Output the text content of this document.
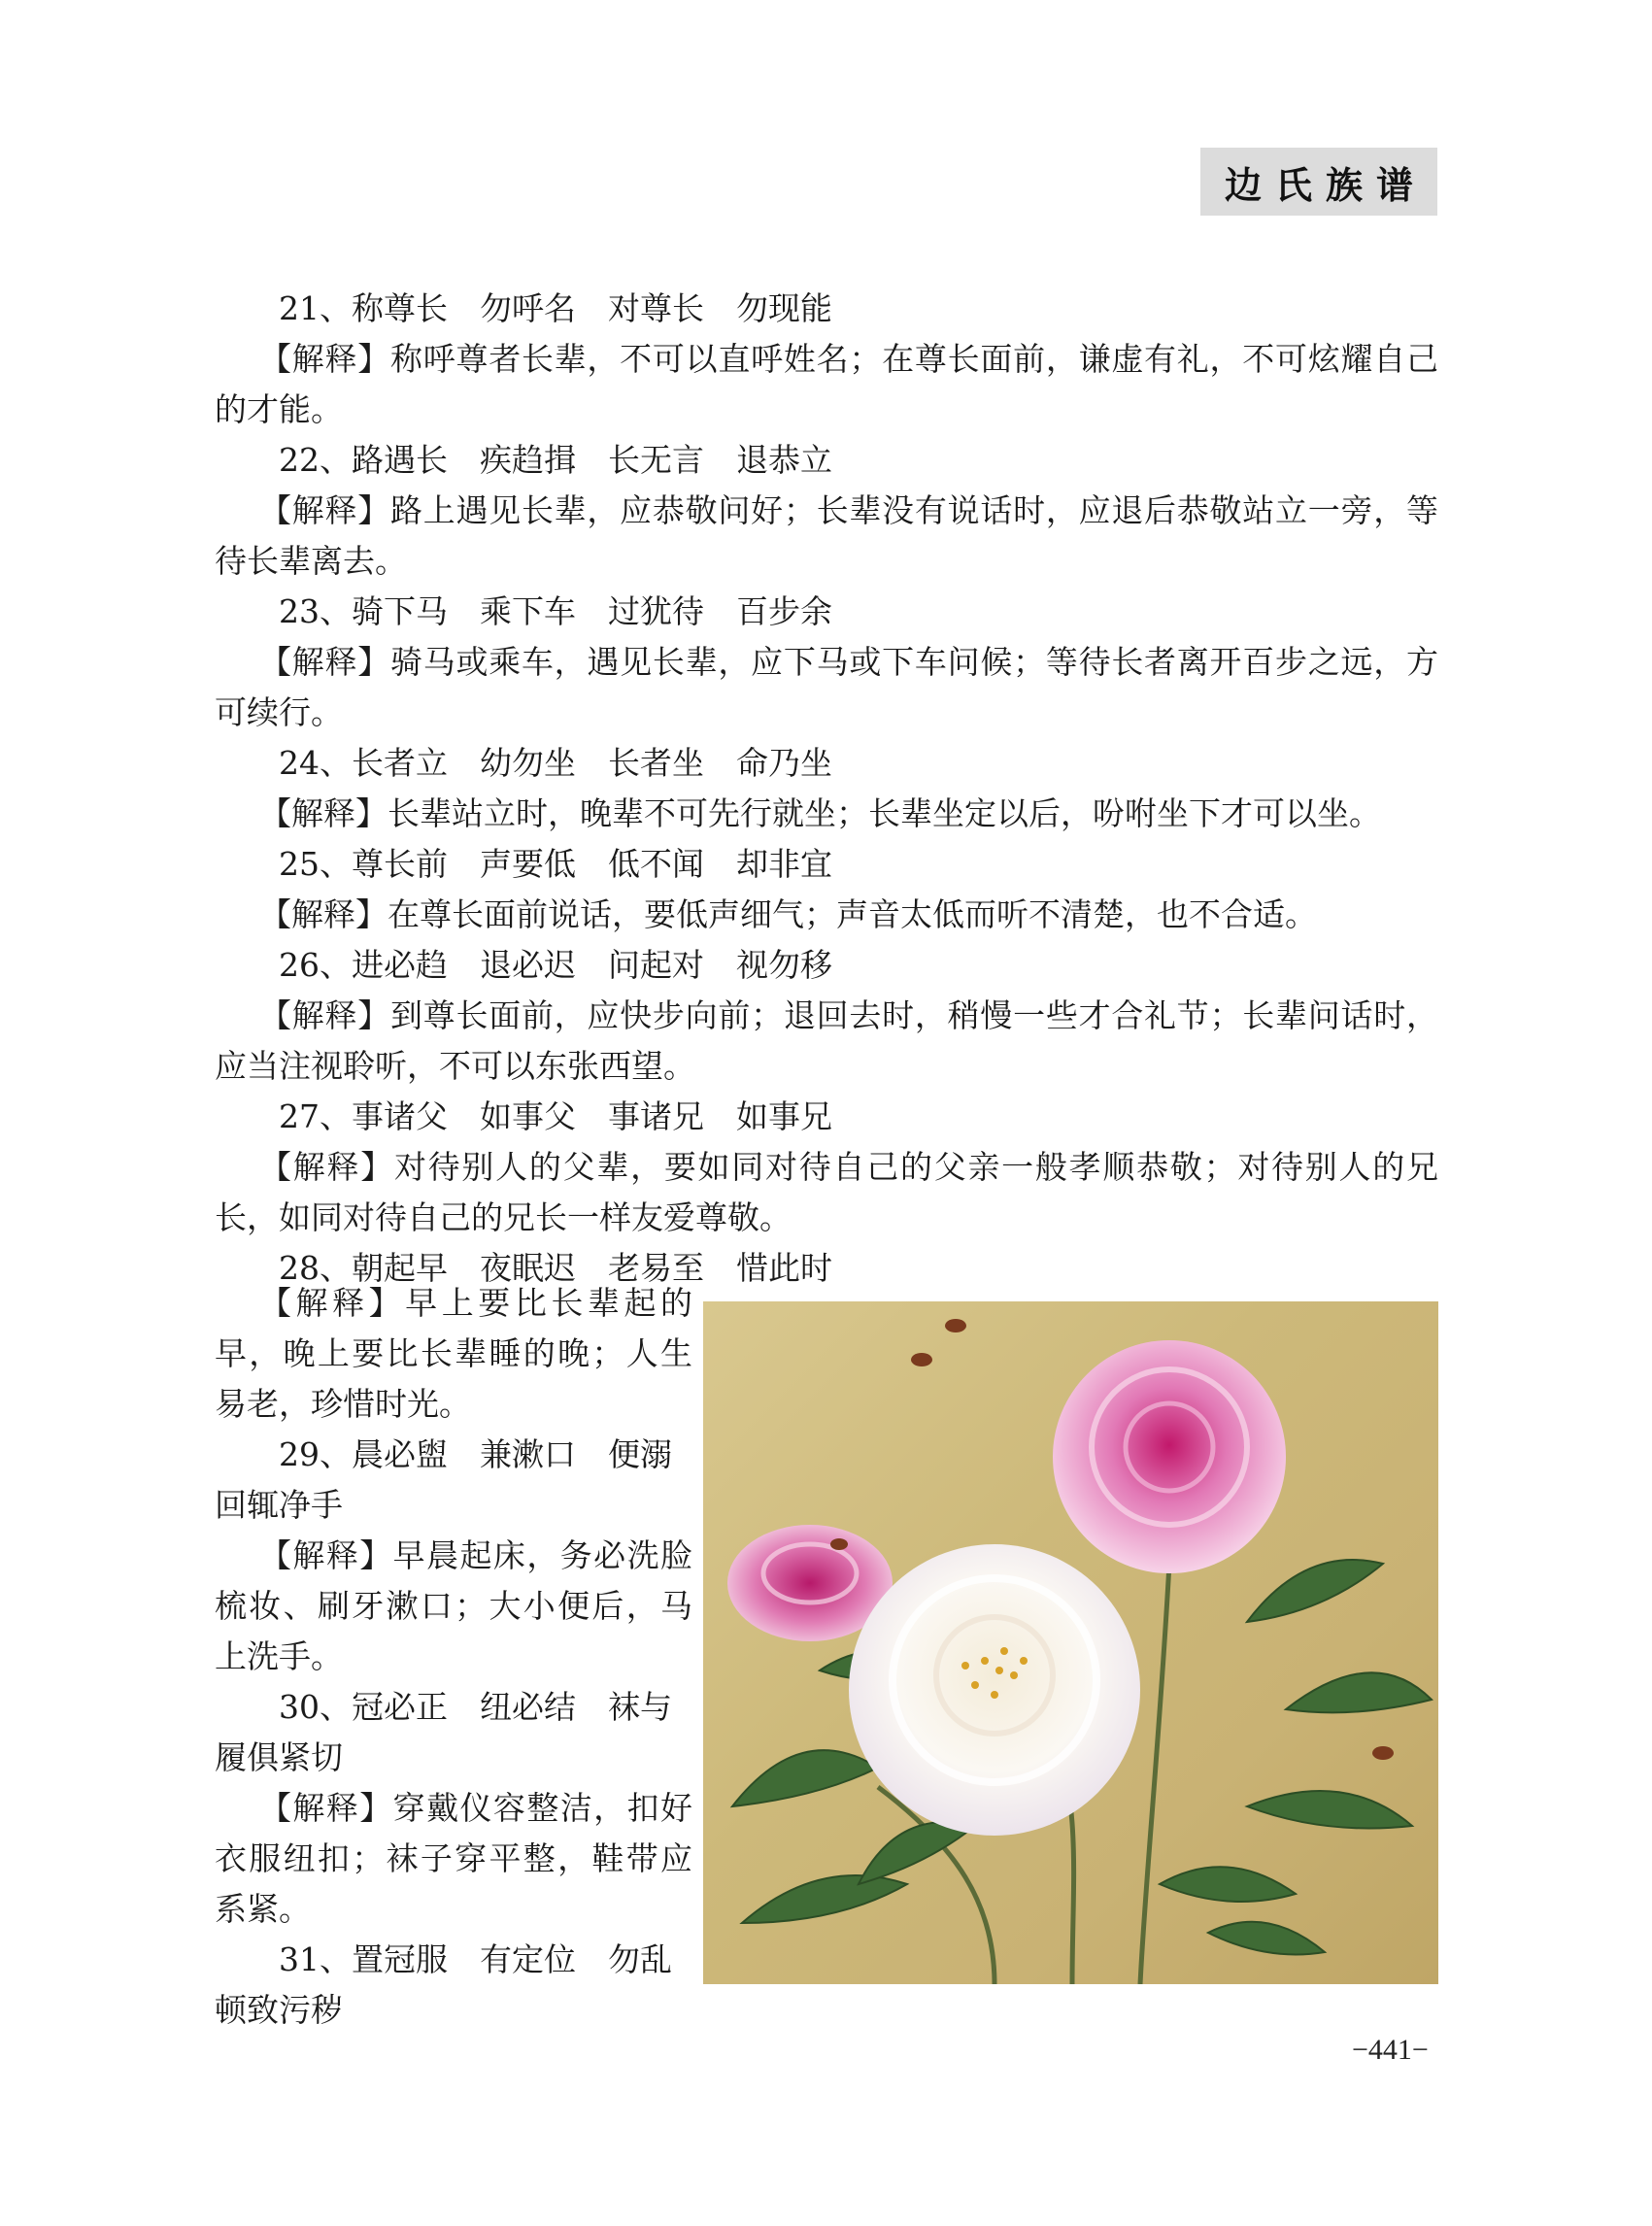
边氏族谱

21、称尊长　勿呼名　对尊长　勿现能

【解释】称呼尊者长辈，不可以直呼姓名；在尊长面前，谦虚有礼，不可炫耀自己的才能。

22、路遇长　疾趋揖　长无言　退恭立

【解释】路上遇见长辈，应恭敬问好；长辈没有说话时，应退后恭敬站立一旁，等待长辈离去。

23、骑下马　乘下车　过犹待　百步余

【解释】骑马或乘车，遇见长辈，应下马或下车问候；等待长者离开百步之远，方可续行。

24、长者立　幼勿坐　长者坐　命乃坐

【解释】长辈站立时，晚辈不可先行就坐；长辈坐定以后，吩咐坐下才可以坐。

25、尊长前　声要低　低不闻　却非宜

【解释】在尊长面前说话，要低声细气；声音太低而听不清楚，也不合适。

26、进必趋　退必迟　问起对　视勿移

【解释】到尊长面前，应快步向前；退回去时，稍慢一些才合礼节；长辈问话时，应当注视聆听，不可以东张西望。

27、事诸父　如事父　事诸兄　如事兄

【解释】对待别人的父辈，要如同对待自己的父亲一般孝顺恭敬；对待别人的兄长，如同对待自己的兄长一样友爱尊敬。

28、朝起早　夜眠迟　老易至　惜此时

【解释】早上要比长辈起的早，晚上要比长辈睡的晚；人生易老，珍惜时光。

29、晨必盥　兼漱口　便溺回辄净手

【解释】早晨起床，务必洗脸梳妆、刷牙漱口；大小便后，马上洗手。

30、冠必正　纽必结　袜与履俱紧切

【解释】穿戴仪容整洁，扣好衣服纽扣；袜子穿平整，鞋带应系紧。

31、置冠服　有定位　勿乱顿致污秽

−441−
